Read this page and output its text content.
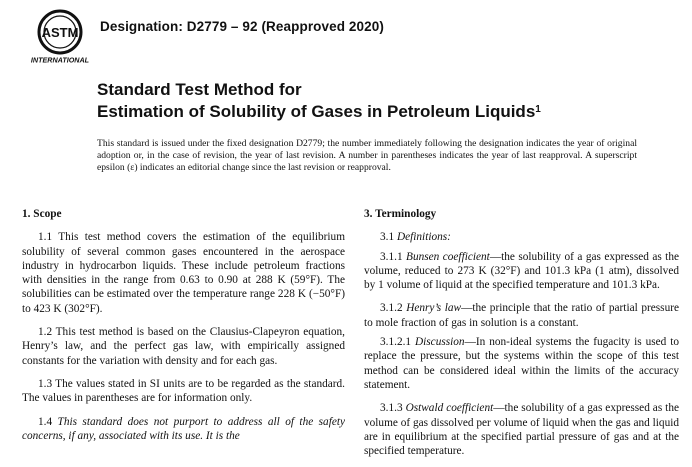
ASTM
INTERNATIONAL
Designation: D2779 – 92 (Reapproved 2020)
Standard Test Method for
Estimation of Solubility of Gases in Petroleum Liquids$^1$
This standard is issued under the fixed designation D2779; the number immediately following the designation indicates the year of original adoption or, in the case of revision, the year of last revision. A number in parentheses indicates the year of last reapproval. A superscript epsilon (ε) indicates an editorial change since the last revision or reapproval.
1. Scope
1.1 This test method covers the estimation of the equilibrium solubility of several common gases encountered in the aerospace industry in hydrocarbon liquids. These include petroleum fractions with densities in the range from 0.63 to 0.90 at 288 K (59°F). The solubilities can be estimated over the temperature range 228 K (−50°F) to 423 K (302°F).
1.2 This test method is based on the Clausius-Clapeyron equation, Henry’s law, and the perfect gas law, with empirically assigned constants for the variation with density and for each gas.
1.3 The values stated in SI units are to be regarded as the standard. The values in parentheses are for information only.
1.4 This standard does not purport to address all of the safety concerns, if any, associated with its use. It is the
3. Terminology
3.1 Definitions:
3.1.1 Bunsen coefficient—the solubility of a gas expressed as the volume, reduced to 273 K (32°F) and 101.3 kPa (1 atm), dissolved by 1 volume of liquid at the specified temperature and 101.3 kPa.
3.1.2 Henry’s law—the principle that the ratio of partial pressure to mole fraction of gas in solution is a constant.
3.1.2.1 Discussion—In non-ideal systems the fugacity is used to replace the pressure, but the systems within the scope of this test method can be considered ideal within the limits of the accuracy statement.
3.1.3 Ostwald coefficient—the solubility of a gas expressed as the volume of gas dissolved per volume of liquid when the gas and liquid are in equilibrium at the specified partial pressure of gas and at the specified temperature.
